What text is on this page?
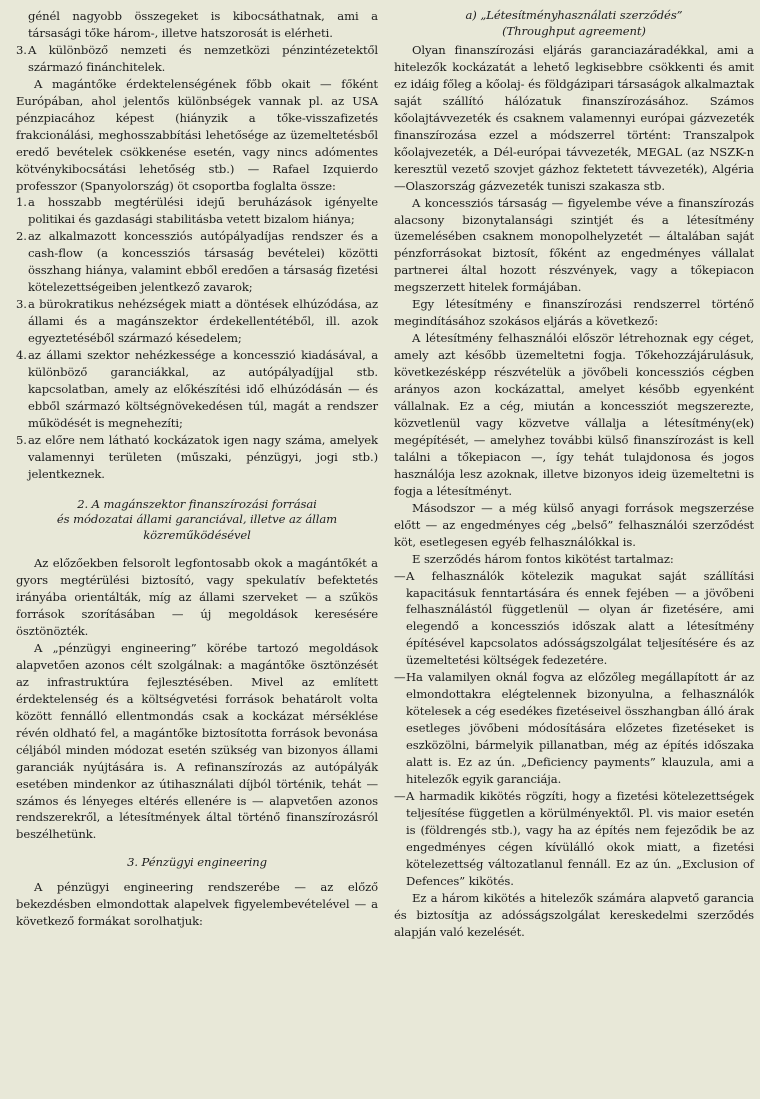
génél nagyobb összegeket is kibocsáthatnak, ami a társasági tőke három-, illetve hatszorosát is elérheti.

3. A különböző nemzeti és nemzetközi pénzintézetektől származó finánchitelek.

A magántőke érdektelenségének főbb okait — főként Európában, ahol jelentős különbségek vannak pl. az USA pénzpiacához képest (hiányzik a tőke-visszafizetés frakcionálási, meghosszabbítási lehetősége az üzemeltetésből eredő bevételek csökkenése esetén, vagy nincs adómentes kötvénykibocsátási lehetőség stb.) — Rafael Izquierdo professzor (Spanyolország) öt csoportba foglalta össze:

1. a hosszabb megtérülési idejű beruházások igényelte politikai és gazdasági stabilitásba vetett bizalom hiánya;
2. az alkalmazott koncessziós autópályadíjas rendszer és a cash-flow (a koncessziós társaság bevételei) közötti összhang hiánya, valamint ebből eredően a társaság fizetési kötelezettségeiben jelentkező zavarok;
3. a bürokratikus nehézségek miatt a döntések elhúzódása, az állami és a magánszektor érdekellentétéből, ill. azok egyeztetéséből származó késedelem;
4. az állami szektor nehézkessége a koncesszió kiadásával, a különböző garanciákkal, az autópályadíjjal stb. kapcsolatban, amely az előkészítési idő elhúzódásán — és ebből származó költségnövekedésen túl, magát a rendszer működését is megnehezíti;
5. az előre nem látható kockázatok igen nagy száma, amelyek valamennyi területen (műszaki, pénzügyi, jogi stb.) jelentkeznek.
2. A magánszektor finanszírozási forrásai
és módozatai állami garanciával, illetve az állam
közreműködésével

Az előzőekben felsorolt legfontosabb okok a magántőkét a gyors megtérülési biztosító, vagy spekulatív befektetés irányába orientálták, míg az állami szerveket — a szűkös források szorításában — új megoldások keresésére ösztönözték.

A „pénzügyi engineering” körébe tartozó megoldások alapvetően azonos célt szolgálnak: a magántőke ösztönzését az infrastruktúra fejlesztésében. Mivel az említett érdektelenség és a költségvetési források behatárolt volta között fennálló ellentmondás csak a kockázat mérséklése révén oldható fel, a magántőke biztosította források bevonása céljából minden módozat esetén szükség van bizonyos állami garanciák nyújtására is. A refinanszírozás az autópályák esetében mindenkor az útihasználati díjból történik, tehát — számos és lényeges eltérés ellenére is — alapvetően azonos rendszerekről, a létesítmények által történő finanszírozásról beszélhetünk.

3. Pénzügyi engineering

A pénzügyi engineering rendszerébe — az előző bekezdésben elmondottak alapelvek figyelembevételével — a következő formákat sorolhatjuk:

a) „Létesítményhasználati szerződés”
(Throughput agreement)

Olyan finanszírozási eljárás garanciazáradékkal, ami a hitelezők kockázatát a lehető legkisebbre csökkenti és amit ez idáig főleg a kőolaj- és földgázipari társaságok alkalmaztak saját szállító hálózatuk finanszírozásához. Számos kőolajtávvezeték és csaknem valamennyi európai gázvezeték finanszírozása ezzel a módszerrel történt: Transzalpok kőolajvezeték, a Dél-európai távvezeték, MEGAL (az NSZK-n keresztül vezető szovjet gázhoz fektetett távvezeték), Algéria—Olaszország gázvezeték tuniszi szakasza stb.

A koncessziós társaság — figyelembe véve a finanszírozás alacsony bizonytalansági szintjét és a létesítmény üzemelésében csaknem monopolhelyzetét — általában saját pénzforrásokat biztosít, főként az engedményes vállalat partnerei által hozott részvények, vagy a tőkepiacon megszerzett hitelek formájában.

Egy létesítmény e finanszírozási rendszerrel történő megindításához szokásos eljárás a következő:

A létesítmény felhasználói először létrehoznak egy céget, amely azt később üzemeltetni fogja. Tőkehozzájárulásuk, következésképp részvételük a jövőbeli koncessziós cégben arányos azon kockázattal, amelyet később egyenként vállalnak. Ez a cég, miután a koncessziót megszerezte, közvetlenül vagy közvetve vállalja a létesítmény(ek) megépítését, — amelyhez további külső finanszírozást is kell találni a tőkepiacon —, így tehát tulajdonosa és jogos használója lesz azoknak, illetve bizonyos ideig üzemeltetni is fogja a létesítményt.

Másodszor — a még külső anyagi források megszerzése előtt — az engedményes cég „belső” felhasználói szerződést köt, esetlegesen egyéb felhasználókkal is.

E szerződés három fontos kikötést tartalmaz:

— A felhasználók kötelezik magukat saját szállítási kapacitásuk fenntartására és ennek fejében — a jövőbeni felhasználástól függetlenül — olyan ár fizetésére, ami elegendő a koncessziós időszak alatt a létesítmény építésével kapcsolatos adósságszolgálat teljesítésére és az üzemeltetési költségek fedezetére.
— Ha valamilyen oknál fogva az előzőleg megállapított ár az elmondottakra elégtelennek bizonyulna, a felhasználók kötelesek a cég esedékes fizetéseivel összhangban álló árak esetleges jövőbeni módosítására előzetes fizetéseket is eszközölni, bármelyik pillanatban, még az építés időszaka alatt is. Ez az ún. „Deficiency payments” klauzula, ami a hitelezők egyik garanciája.
— A harmadik kikötés rögzíti, hogy a fizetési kötelezettségek teljesítése független a körülményektől. Pl. vis maior esetén is (földrengés stb.), vagy ha az építés nem fejeződik be az engedményes cégen kívülálló okok miatt, a fizetési kötelezettség változatlanul fennáll. Ez az ún. „Exclusion of Defences” kikötés.

Ez a három kikötés a hitelezők számára alapvető garancia és biztosítja az adósságszolgálat kereskedelmi szerződés alapján való kezelését.
